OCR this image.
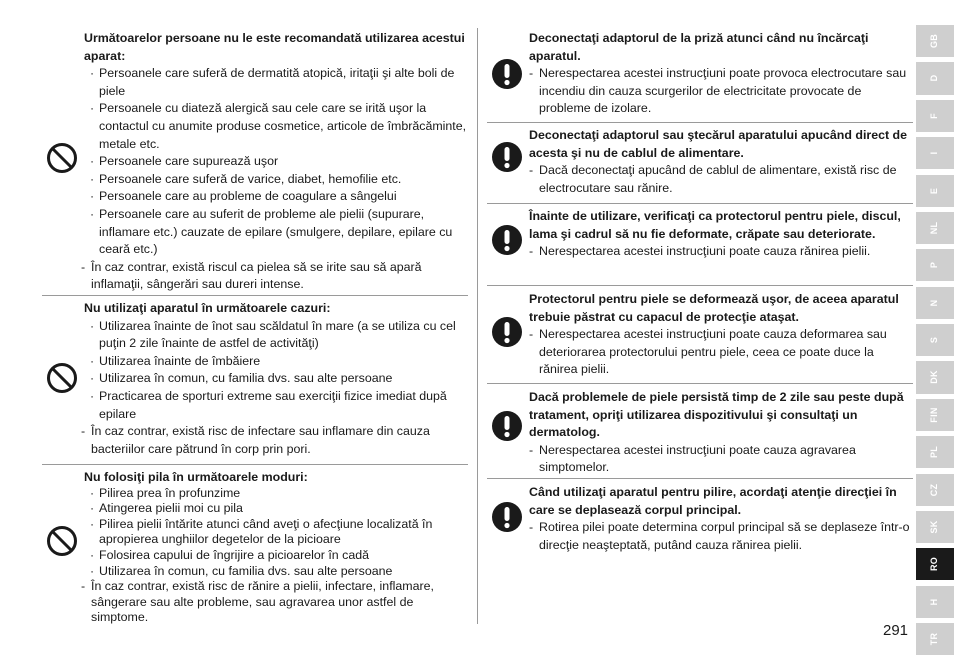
Următoarelor persoane nu le este recomandată utilizarea acestui aparat:
· Persoanele care suferă de dermatită atopică, iritaţii şi alte boli de piele
· Persoanele cu diateză alergică sau cele care se irită uşor la contactul cu anumite produse cosmetice, articole de îmbrăcăminte, metale etc.
· Persoanele care supurează uşor
· Persoanele care suferă de varice, diabet, hemofilie etc.
· Persoanele care au probleme de coagulare a sângelui
· Persoanele care au suferit de probleme ale pielii (supurare, inflamare etc.) cauzate de epilare (smulgere, depilare, epilare cu ceară etc.)
- În caz contrar, există riscul ca pielea să se irite sau să apară inflamaţii, sângerări sau dureri intense.
Nu utilizaţi aparatul în următoarele cazuri:
· Utilizarea înainte de înot sau scăldatul în mare (a se utiliza cu cel puţin 2 zile înainte de astfel de activităţi)
· Utilizarea înainte de îmbăiere
· Utilizarea în comun, cu familia dvs. sau alte persoane
· Practicarea de sporturi extreme sau exerciţii fizice imediat după epilare
- În caz contrar, există risc de infectare sau inflamare din cauza bacteriilor care pătrund în corp prin pori.
Nu folosiţi pila în următoarele moduri:
· Pilirea prea în profunzime
· Atingerea pielii moi cu pila
· Pilirea pielii întărite atunci când aveţi o afecţiune localizată în apropierea unghiilor degetelor de la picioare
· Folosirea capului de îngrijire a picioarelor în cadă
· Utilizarea în comun, cu familia dvs. sau alte persoane
- În caz contrar, există risc de rănire a pielii, infectare, inflamare, sângerare sau alte probleme, sau agravarea unor astfel de simptome.
Deconectaţi adaptorul de la priză atunci când nu încărcaţi aparatul.
- Nerespectarea acestei instrucţiuni poate provoca electrocutare sau incendiu din cauza scurgerilor de electricitate provocate de probleme de izolare.
Deconectaţi adaptorul sau ştecărul aparatului apucând direct de acesta şi nu de cablul de alimentare.
- Dacă deconectaţi apucând de cablul de alimentare, există risc de electrocutare sau rănire.
Înainte de utilizare, verificaţi ca protectorul pentru piele, discul, lama şi cadrul să nu fie deformate, crăpate sau deteriorate.
- Nerespectarea acestei instrucţiuni poate cauza rănirea pielii.
Protectorul pentru piele se deformează uşor, de aceea aparatul trebuie păstrat cu capacul de protecţie ataşat.
- Nerespectarea acestei instrucţiuni poate cauza deformarea sau deteriorarea protectorului pentru piele, ceea ce poate duce la rănirea pielii.
Dacă problemele de piele persistă timp de 2 zile sau peste după tratament, opriţi utilizarea dispozitivului şi consultaţi un dermatolog.
- Nerespectarea acestei instrucţiuni poate cauza agravarea simptomelor.
Când utilizaţi aparatul pentru pilire, acordaţi atenţie direcţiei în care se deplasează corpul principal.
- Rotirea pilei poate determina corpul principal să se deplaseze într-o direcţie neaşteptată, putând cauza rănirea pielii.
GB
D
F
I
E
NL
P
N
S
DK
FIN
PL
CZ
SK
RO
H
TR
291
